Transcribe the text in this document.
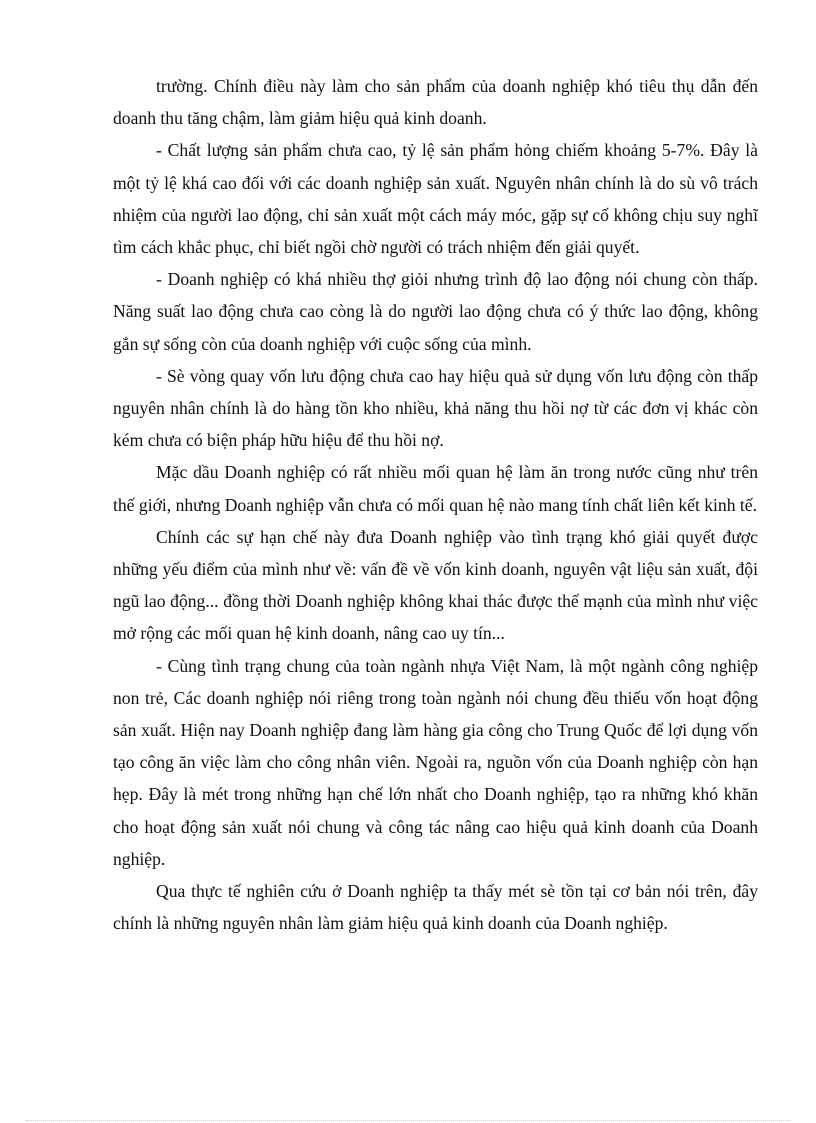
trường. Chính điều này làm cho sản phẩm của doanh nghiệp khó tiêu thụ dẫn đến doanh thu tăng chậm, làm giảm hiệu quả kinh doanh.

- Chất lượng sản phẩm chưa cao, tỷ lệ sản phẩm hỏng chiếm khoảng 5-7%. Đây là một tỷ lệ khá cao đối với các doanh nghiệp sản xuất. Nguyên nhân chính là do sù vô trách nhiệm của người lao động, chỉ sản xuất một cách máy móc, gặp sự cố không chịu suy nghĩ tìm cách khắc phục, chỉ biết ngồi chờ người có trách nhiệm đến giải quyết.

- Doanh nghiệp có khá nhiều thợ giỏi nhưng trình độ lao động nói chung còn thấp. Năng suất lao động chưa cao còng là do người lao động chưa có ý thức lao động, không gắn sự sống còn của doanh nghiệp với cuộc sống của mình.

- Sè vòng quay vốn lưu động chưa cao hay hiệu quả sử dụng vốn lưu động còn thấp nguyên nhân chính là do hàng tồn kho nhiều, khả năng thu hồi nợ từ các đơn vị khác còn kém chưa có biện pháp hữu hiệu để thu hồi nợ.

Mặc dầu Doanh nghiệp có rất nhiều mối quan hệ làm ăn trong nước cũng như trên thế giới, nhưng Doanh nghiệp vẫn chưa có mối quan hệ nào mang tính chất liên kết kinh tế.

Chính các sự hạn chế này đưa Doanh nghiệp vào tình trạng khó giải quyết được những yếu điểm của mình như về: vấn đề về vốn kinh doanh, nguyên vật liệu sản xuất, đội ngũ lao động... đồng thời Doanh nghiệp không khai thác được thế mạnh của mình như việc mở rộng các mối quan hệ kinh doanh, nâng cao uy tín...

- Cùng tình trạng chung của toàn ngành nhựa Việt Nam, là một ngành công nghiệp non trẻ, Các doanh nghiệp nói riêng trong toàn ngành nói chung đều thiếu vốn hoạt động sản xuất. Hiện nay Doanh nghiệp đang làm hàng gia công cho Trung Quốc để lợi dụng vốn tạo công ăn việc làm cho công nhân viên. Ngoài ra, nguồn vốn của Doanh nghiệp còn hạn hẹp. Đây là mét trong những hạn chế lớn nhất cho Doanh nghiệp, tạo ra những khó khăn cho hoạt động sản xuất nói chung và công tác nâng cao hiệu quả kinh doanh của Doanh nghiệp.

Qua thực tế nghiên cứu ở Doanh nghiệp ta thấy mét sè tồn tại cơ bản nói trên, đây chính là những nguyên nhân làm giảm hiệu quả kinh doanh của Doanh nghiệp.
